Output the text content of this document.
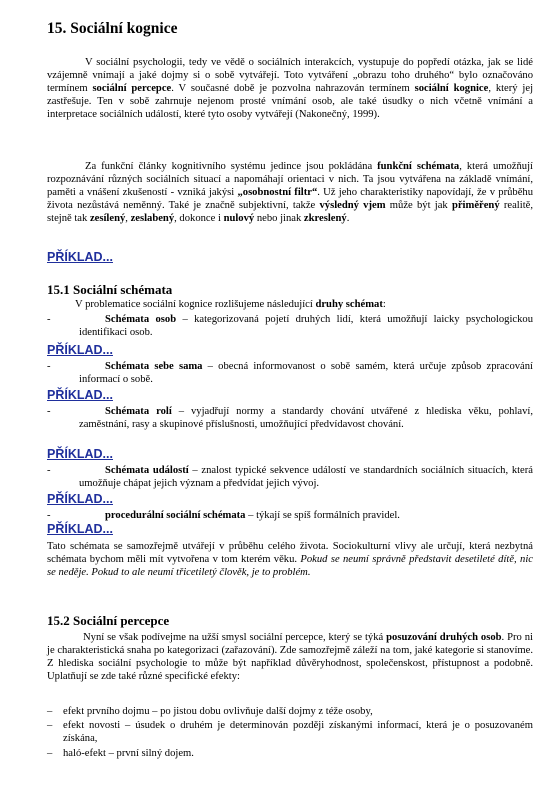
15. Sociální kognice
V sociální psychologii, tedy ve vědě o sociálních interakcích, vystupuje do popředí otázka, jak se lidé vzájemně vnímají a jaké dojmy si o sobě vytvářejí. Toto vytváření „obrazu toho druhého“ bylo označováno termínem sociální percepce. V současné době je pozvolna nahrazován termínem sociální kognice, který jej zastřešuje. Ten v sobě zahrnuje nejenom prosté vnímání osob, ale také úsudky o nich včetně vnímání a interpretace sociálních událostí, které tyto osoby vytvářejí (Nakonečný, 1999).
Za funkční články kognitivního systému jedince jsou pokládána funkční schémata, která umožňují rozpoznávání různých sociálních situací a napomáhají orientaci v nich. Ta jsou vytvářena na základě vnímání, paměti a vnášení zkušeností - vzniká jakýsi „osobnostní filtr“. Už jeho charakteristiky napovídají, že v průběhu života nezůstává neměnný. Také je značně subjektivní, takže výsledný vjem může být jak přiměřený realitě, stejně tak zesílený, zeslabený, dokonce i nulový nebo jinak zkreslený.
PŘÍKLAD...
15.1 Sociální schémata
V problematice sociální kognice rozlišujeme následující druhy schémat:
-	Schémata osob – kategorizovaná pojetí druhých lidí, která umožňují laicky psychologickou identifikaci osob.
PŘÍKLAD...
-	Schémata sebe sama – obecná informovanost o sobě samém, která určuje způsob zpracování informací o sobě.
PŘÍKLAD...
-	Schémata rolí – vyjadřují normy a standardy chování utvářené z hlediska věku, pohlaví, zaměstnání, rasy a skupinové příslušnosti, umožňující předvídavost chování.
PŘÍKLAD...
-	Schémata událostí – znalost typické sekvence událostí ve standardních sociálních situacích, která umožňuje chápat jejich význam a předvídat jejich vývoj.
PŘÍKLAD...
-	procedurální sociální schémata – týkají se spíš formálních pravidel.
PŘÍKLAD...
Tato schémata se samozřejmě utvářejí v průběhu celého života. Sociokulturní vlivy ale určují, která nezbytná schémata bychom měli mít vytvořena v tom kterém věku. Pokud se neumí správně představit desetileté dítě, nic se neděje. Pokud to ale neumí třicetiletý člověk, je to problém.
15.2 Sociální percepce
Nyní se však podívejme na užší smysl sociální percepce, který se týká posuzování druhých osob. Pro ni je charakteristická snaha po kategorizaci (zařazování). Zde samozřejmě záleží na tom, jaké kategorie si stanovíme. Z hlediska sociální psychologie to může být například důvěryhodnost, společenskost, přístupnost a podobně. Uplatňují se zde také různé specifické efekty:
– efekt prvního dojmu – po jistou dobu ovlivňuje další dojmy z téže osoby,
– efekt novosti – úsudek o druhém je determinován později získanými informací, která je o posuzovaném získána,
– haló-efekt – první silný dojem.
